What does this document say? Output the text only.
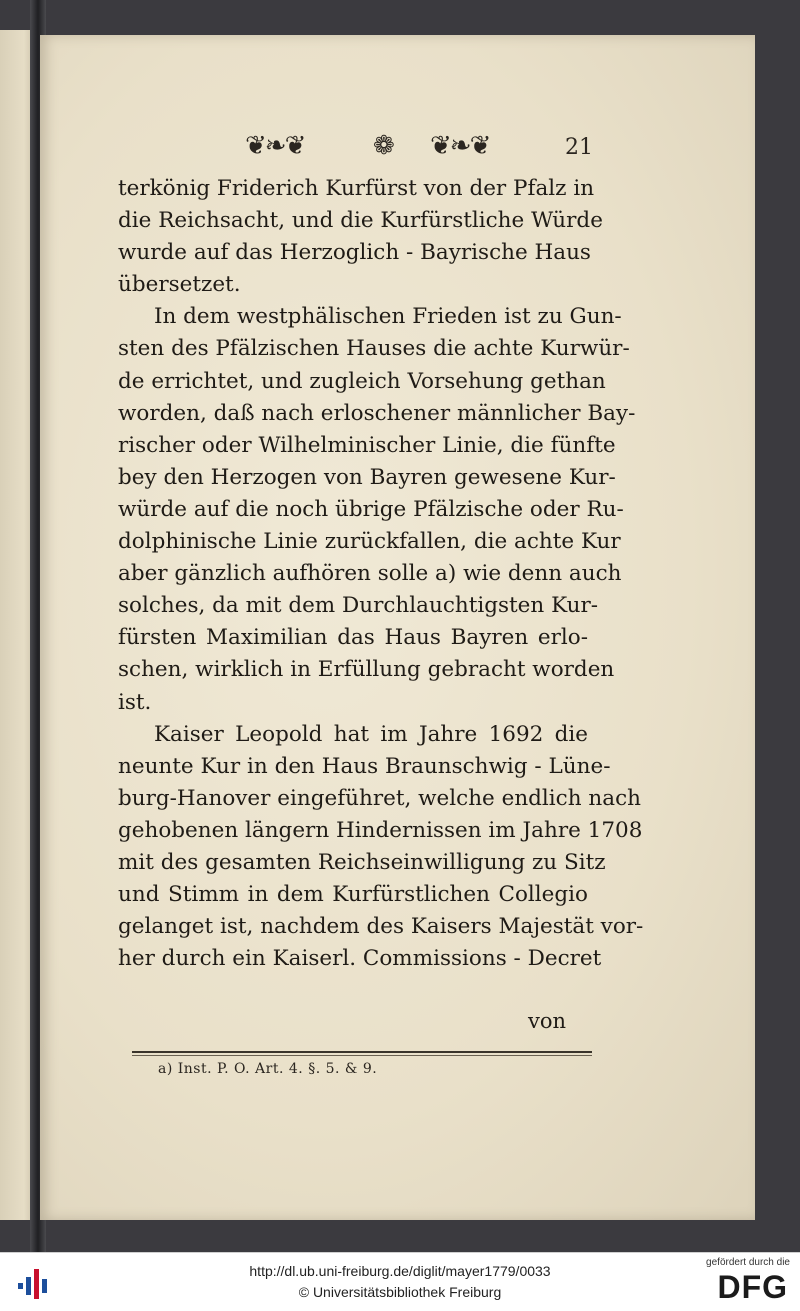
❦❧❦	❁ ❦❧❦	21
terkönig Friderich Kurfürst von der Pfalz in
die Reichsacht, und die Kurfürstliche Würde
wurde auf das Herzoglich - Bayrische Haus
übersetzet.
In dem westphälischen Frieden ist zu Gun-
sten des Pfälzischen Hauses die achte Kurwür-
de errichtet, und zugleich Vorsehung gethan
worden, daß nach erloschener männlicher Bay-
rischer oder Wilhelminischer Linie, die fünfte
bey den Herzogen von Bayren gewesene Kur-
würde auf die noch übrige Pfälzische oder Ru-
dolphinische Linie zurückfallen, die achte Kur
aber gänzlich aufhören solle a) wie denn auch
solches, da mit dem Durchlauchtigsten Kur-
fürsten Maximilian das Haus Bayren erlo-
schen, wirklich in Erfüllung gebracht worden
ist.
Kaiser Leopold hat im Jahre 1692 die
neunte Kur in den Haus Braunschwig - Lüne-
burg-Hanover eingeführet, welche endlich nach
gehobenen längern Hindernissen im Jahre 1708
mit des gesamten Reichseinwilligung zu Sitz
und Stimm in dem Kurfürstlichen Collegio
gelanget ist, nachdem des Kaisers Majestät vor-
her durch ein Kaiserl. Commissions - Decret
von
a) Inst. P. O. Art. 4. §. 5. & 9.
http://dl.ub.uni-freiburg.de/diglit/mayer1779/0033
© Universitätsbibliothek Freiburg
gefördert durch die
DFG
